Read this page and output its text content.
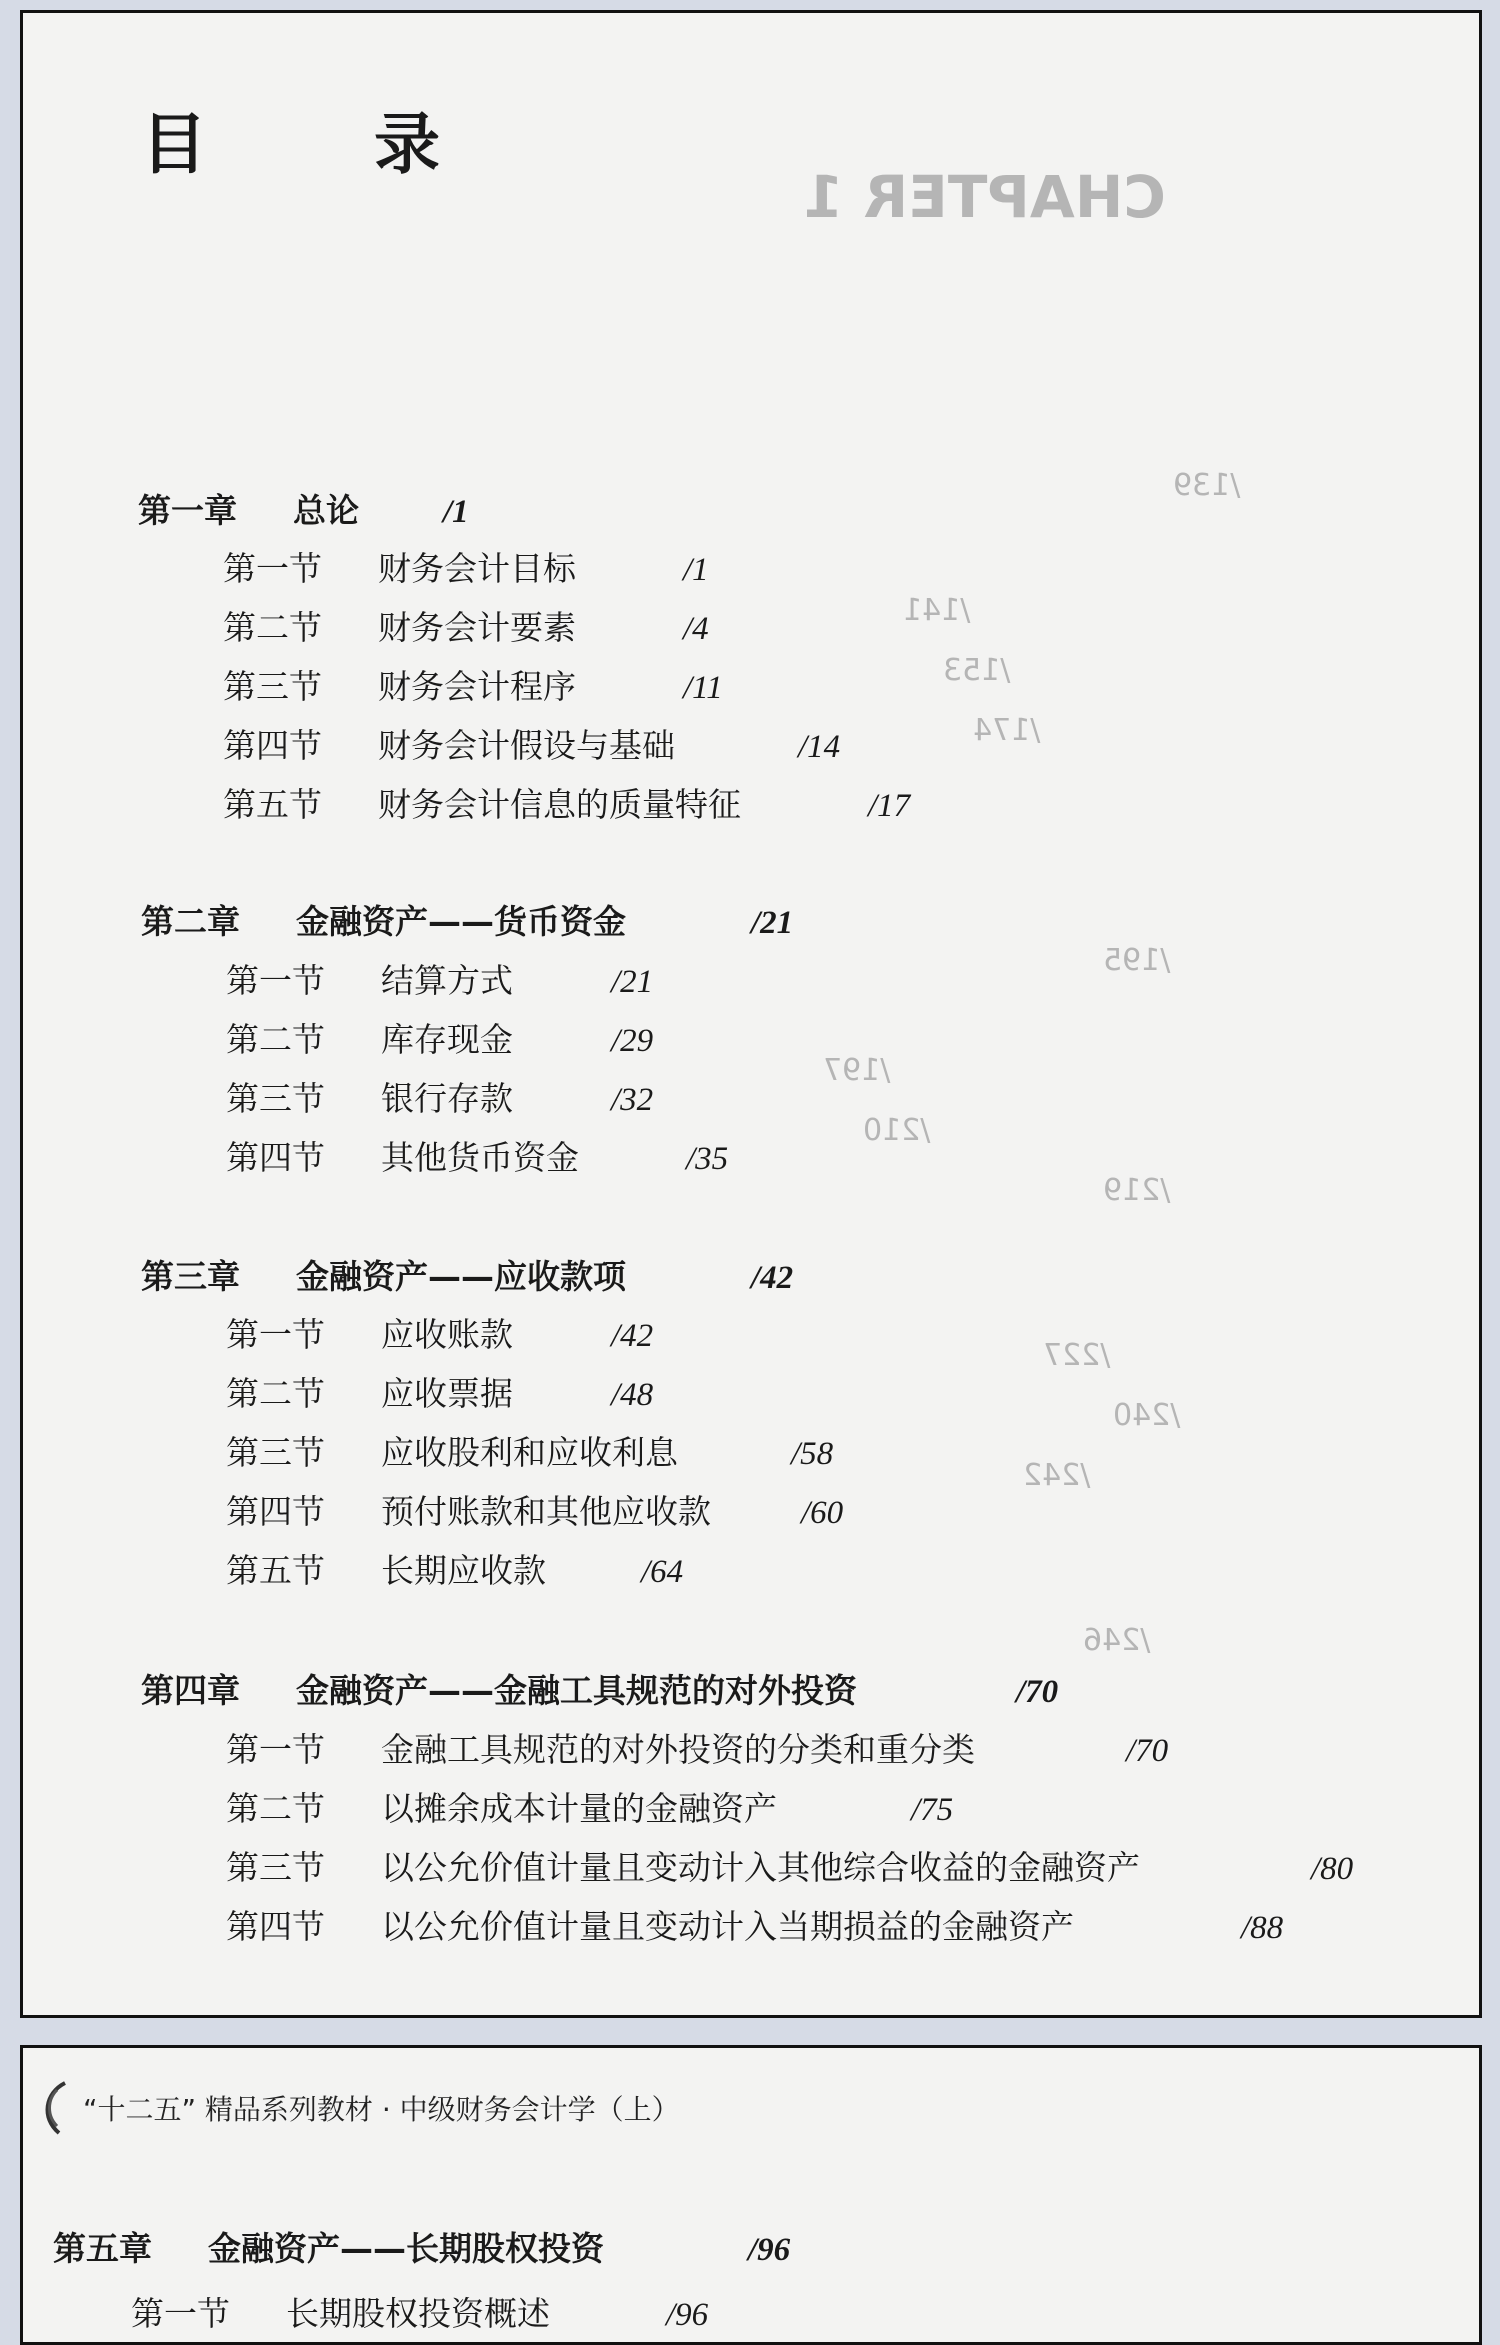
CHAPTER 1
/139
/141
/153
/174
/195
/197
/210
/219
/227
/240
/242
/246
目 录
第一章 总论	/1
第一节 财务会计目标	/1
第二节 财务会计要素	/4
第三节 财务会计程序	/11
第四节 财务会计假设与基础	/14
第五节 财务会计信息的质量特征	/17
第二章 金融资产——货币资金	/21
第一节 结算方式	/21
第二节 库存现金	/29
第三节 银行存款	/32
第四节 其他货币资金	/35
第三章 金融资产——应收款项	/42
第一节 应收账款	/42
第二节 应收票据	/48
第三节 应收股利和应收利息	/58
第四节 预付账款和其他应收款	/60
第五节 长期应收款	/64
第四章 金融资产——金融工具规范的对外投资	/70
第一节 金融工具规范的对外投资的分类和重分类	/70
第二节 以摊余成本计量的金融资产	/75
第三节 以公允价值计量且变动计入其他综合收益的金融资产	/80
第四节 以公允价值计量且变动计入当期损益的金融资产	/88
“十二五” 精品系列教材 · 中级财务会计学（上）
第五章 金融资产——长期股权投资	/96
第一节 长期股权投资概述	/96
